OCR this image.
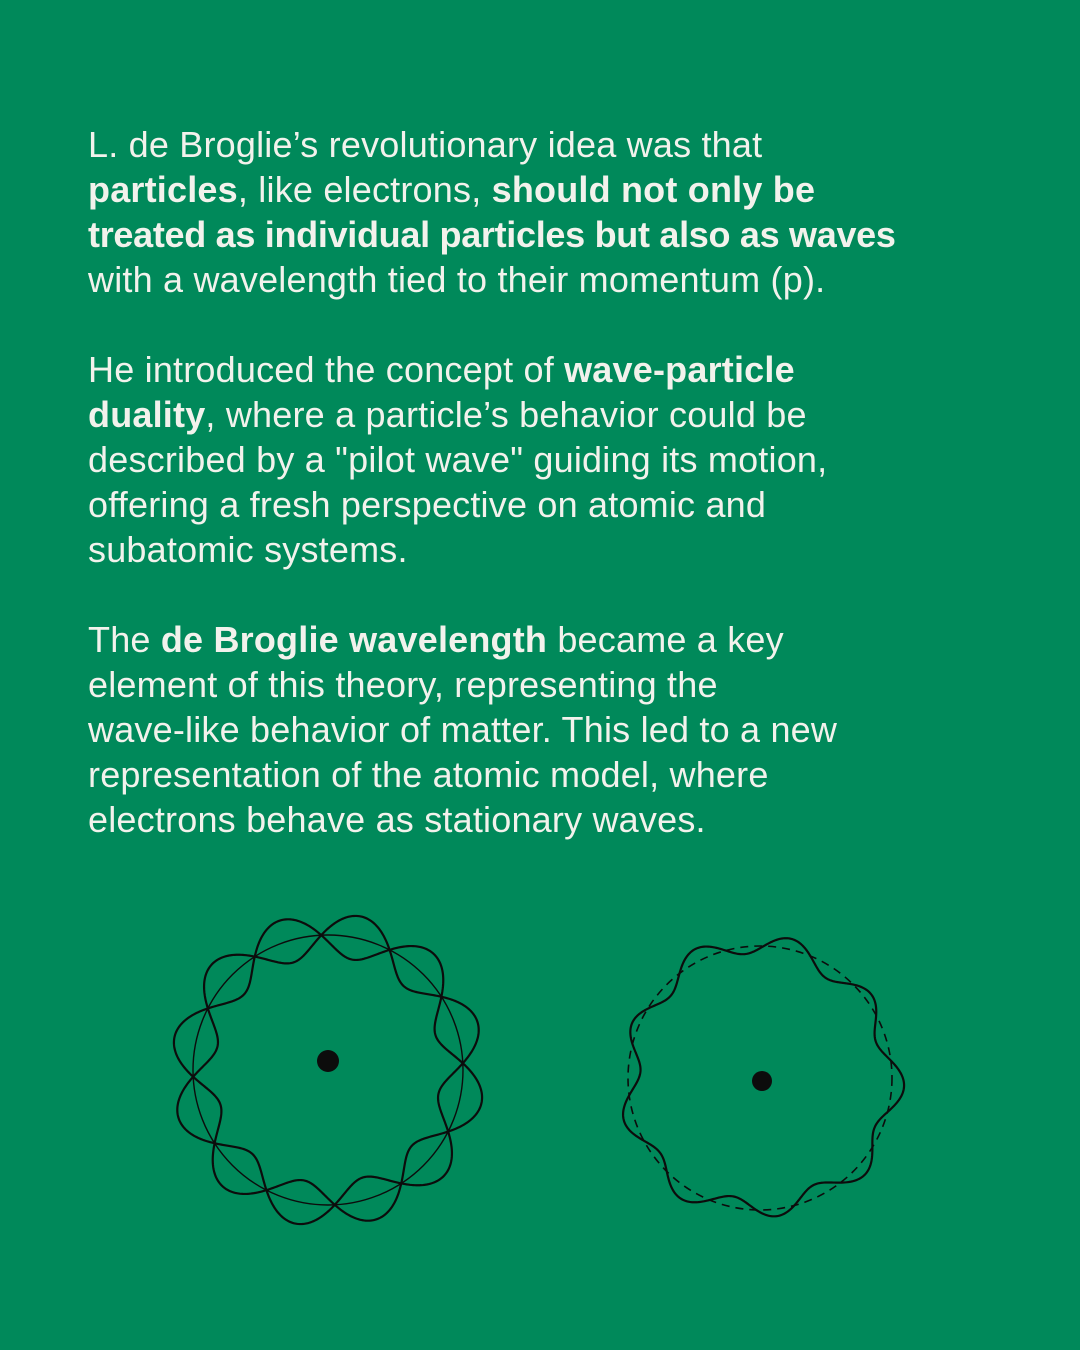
L. de Broglie’s revolutionary idea was that
particles, like electrons, should not only be
treated as individual particles but also as waves
with a wavelength tied to their momentum (p).

He introduced the concept of wave-particle
duality, where a particle’s behavior could be
described by a "pilot wave" guiding its motion,
offering a fresh perspective on atomic and
subatomic systems.

The de Broglie wavelength became a key
element of this theory, representing the
wave-like behavior of matter. This led to a new
representation of the atomic model, where
electrons behave as stationary waves.
